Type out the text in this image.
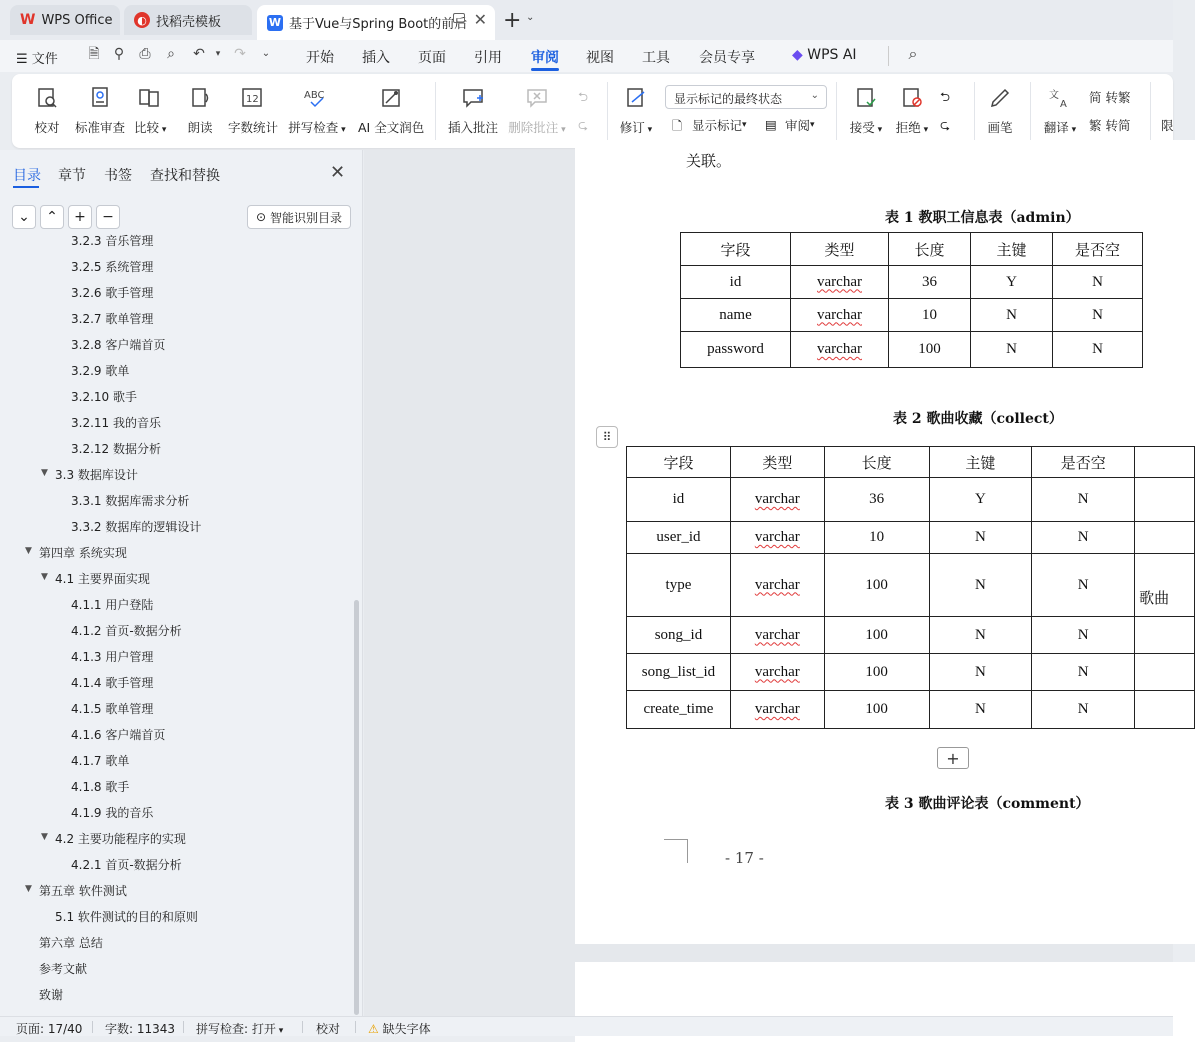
W WPS Office ◐ 找稻壳模板	W 基于Vue与Spring Boot的前后 ✕ + ⌄
☰ 文件 🗎 ⚲ ⎙ ⌕ ↶	▾ ↷	⌄	开始 插入 页面 引用 审阅 视图 工具 会员专享	◆ WPS AI	⌕
校对 标准审查 比较 ▾ 朗读
12
字数统计
ABC
拼写检查 ▾ AI 全文润色 插入批注 删除批注 ▾
⮌
⮎	修订 ▾
显示标记的最终状态	⌄
🗋 显示标记 ▾ ▤ 审阅 ▾	接受 ▾ 拒绝 ▾
⮌
⮎	画笔
文
A
翻译 ▾
简 转繁
繁 转简 限
目录 章节 书签 查找和替换	✕
⌄ ⌃ + −	⊙ 智能识别目录
3.2.3 音乐管理
3.2.5 系统管理
3.2.6 歌手管理
3.2.7 歌单管理
3.2.8 客户端首页
3.2.9 歌单
3.2.10 歌手
3.2.11 我的音乐
3.2.12 数据分析
▼ 3.3 数据库设计
3.3.1 数据库需求分析
3.3.2 数据库的逻辑设计
▼ 第四章 系统实现
▼ 4.1 主要界面实现
4.1.1 用户登陆
4.1.2 首页-数据分析
4.1.3 用户管理
4.1.4 歌手管理
4.1.5 歌单管理
4.1.6 客户端首页
4.1.7 歌单
4.1.8 歌手
4.1.9 我的音乐
▼ 4.2 主要功能程序的实现
4.2.1 首页-数据分析
▼ 第五章 软件测试
5.1 软件测试的目的和原则
第六章 总结
参考文献
致谢
关联。
表 1 教职工信息表（admin）
字段	类型	长度	主键	是否空
id	varchar	36	Y	N
name	varchar	10	N	N
password	varchar	100	N	N
表 2 歌曲收藏（collect）
字段	类型	长度	主键	是否空	
id	varchar	36	Y	N	
user_id	varchar	10	N	N	
type	varchar	100	N	N	歌曲
song_id	varchar	100	N	N	
song_list_id	varchar	100	N	N	
create_time	varchar	100	N	N	
表 3 歌曲评论表（comment）
- 17 -
⠿
+
页面: 17/40 字数: 11343 拼写检查: 打开 ▾	校对 ⚠ 缺失字体
